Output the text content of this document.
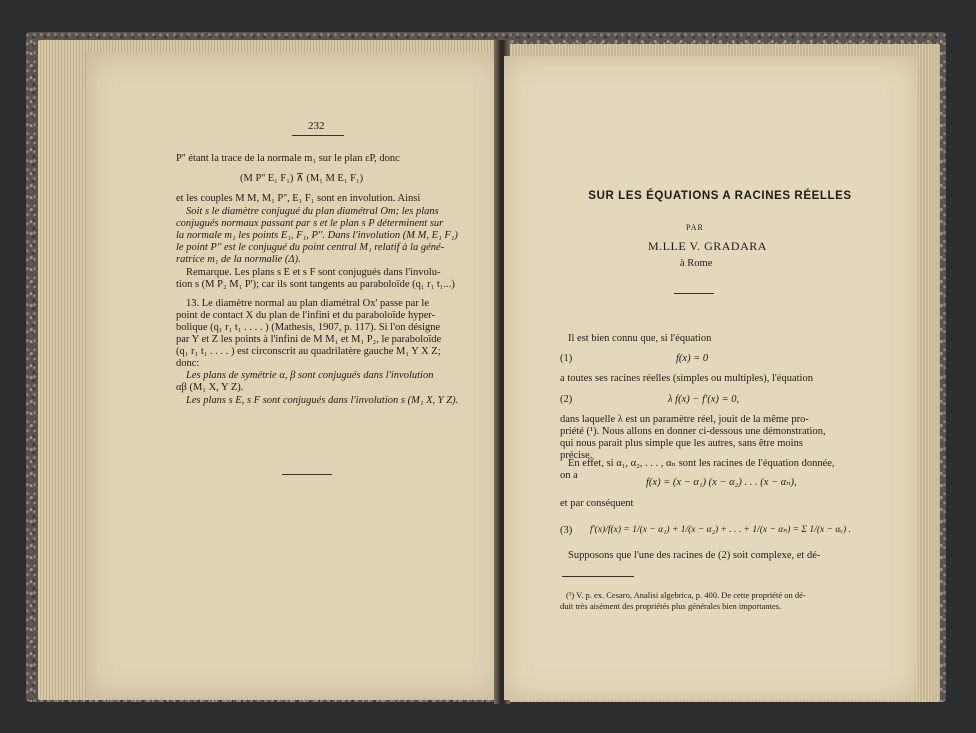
232
P'' étant la trace de la normale m₁ sur le plan εP, donc
(M P'' E₁ F₁) ⊼ (M₁ M E₁ F₁)
et les couples M M, M₁ P'', E₁ F₁ sont en involution. Ainsi
Soit s le diamètre conjugué du plan diamétral Om; les plans
conjugués normaux passant par s et le plan s P déterminent sur
la normale m₁ les points E₁, F₁, P''. Dans l'involution (M M, E₁ F₁)
le point P'' est le conjugué du point central M₁ relatif à la géné-
ratrice m₁ de la normalie (Δ).
Remarque. Les plans s E et s F sont conjugués dans l'involu-
tion s (M P₂ M₁ P'); car ils sont tangents au paraboloïde (q₁ r₁ t₁...)
13. Le diamètre normal au plan diamétral Ox' passe par le
point de contact X du plan de l'infini et du paraboloïde hyper-
bolique (q₁ r₁ t₁ . . . . ) (Mathesis, 1907, p. 117). Si l'on désigne
par Y et Z les points à l'infini de M M₁ et M₁ P₂, le paraboloïde
(q₁ r₁ t₁ . . . . ) est circonscrit au quadrilatère gauche M₁ Y X Z;
donc:
Les plans de symétrie α, β sont conjugués dans l'involution
αβ (M₁ X, Y Z).
Les plans s E, s F sont conjugués dans l'involution s (M₁ X, Y Z).
SUR LES ÉQUATIONS A RACINES RÉELLES
PAR
M.LLE V. GRADARA
à Rome
Il est bien connu que, si l'équation
(1)	f(x) = 0
a toutes ses racines réelles (simples ou multiples), l'équation
(2)	λ f(x) − f'(x) = 0,
dans laquelle λ est un paramètre réel, jouit de la même pro-
priété (¹). Nous allons en donner ci-dessous une démonstration,
qui nous parait plus simple que les autres, sans être moins
précise.
En effet, si α₁, α₂, . . . , αₙ sont les racines de l'équation donnée,
on a
f(x) = (x − α₁) (x − α₂) . . . (x − αₙ),
et par conséquent
(3) f'(x)/f(x) = 1/(x − α₁) + 1/(x − α₂) + . . . + 1/(x − αₙ) = Σ 1/(x − αᵥ) .
Supposons que l'une des racines de (2) soit complexe, et dé-
(¹) V. p. ex. Cesaro, Analisi algebrica, p. 400. De cette propriété on dé-
duit très aisément des propriétés plus générales bien importantes.
